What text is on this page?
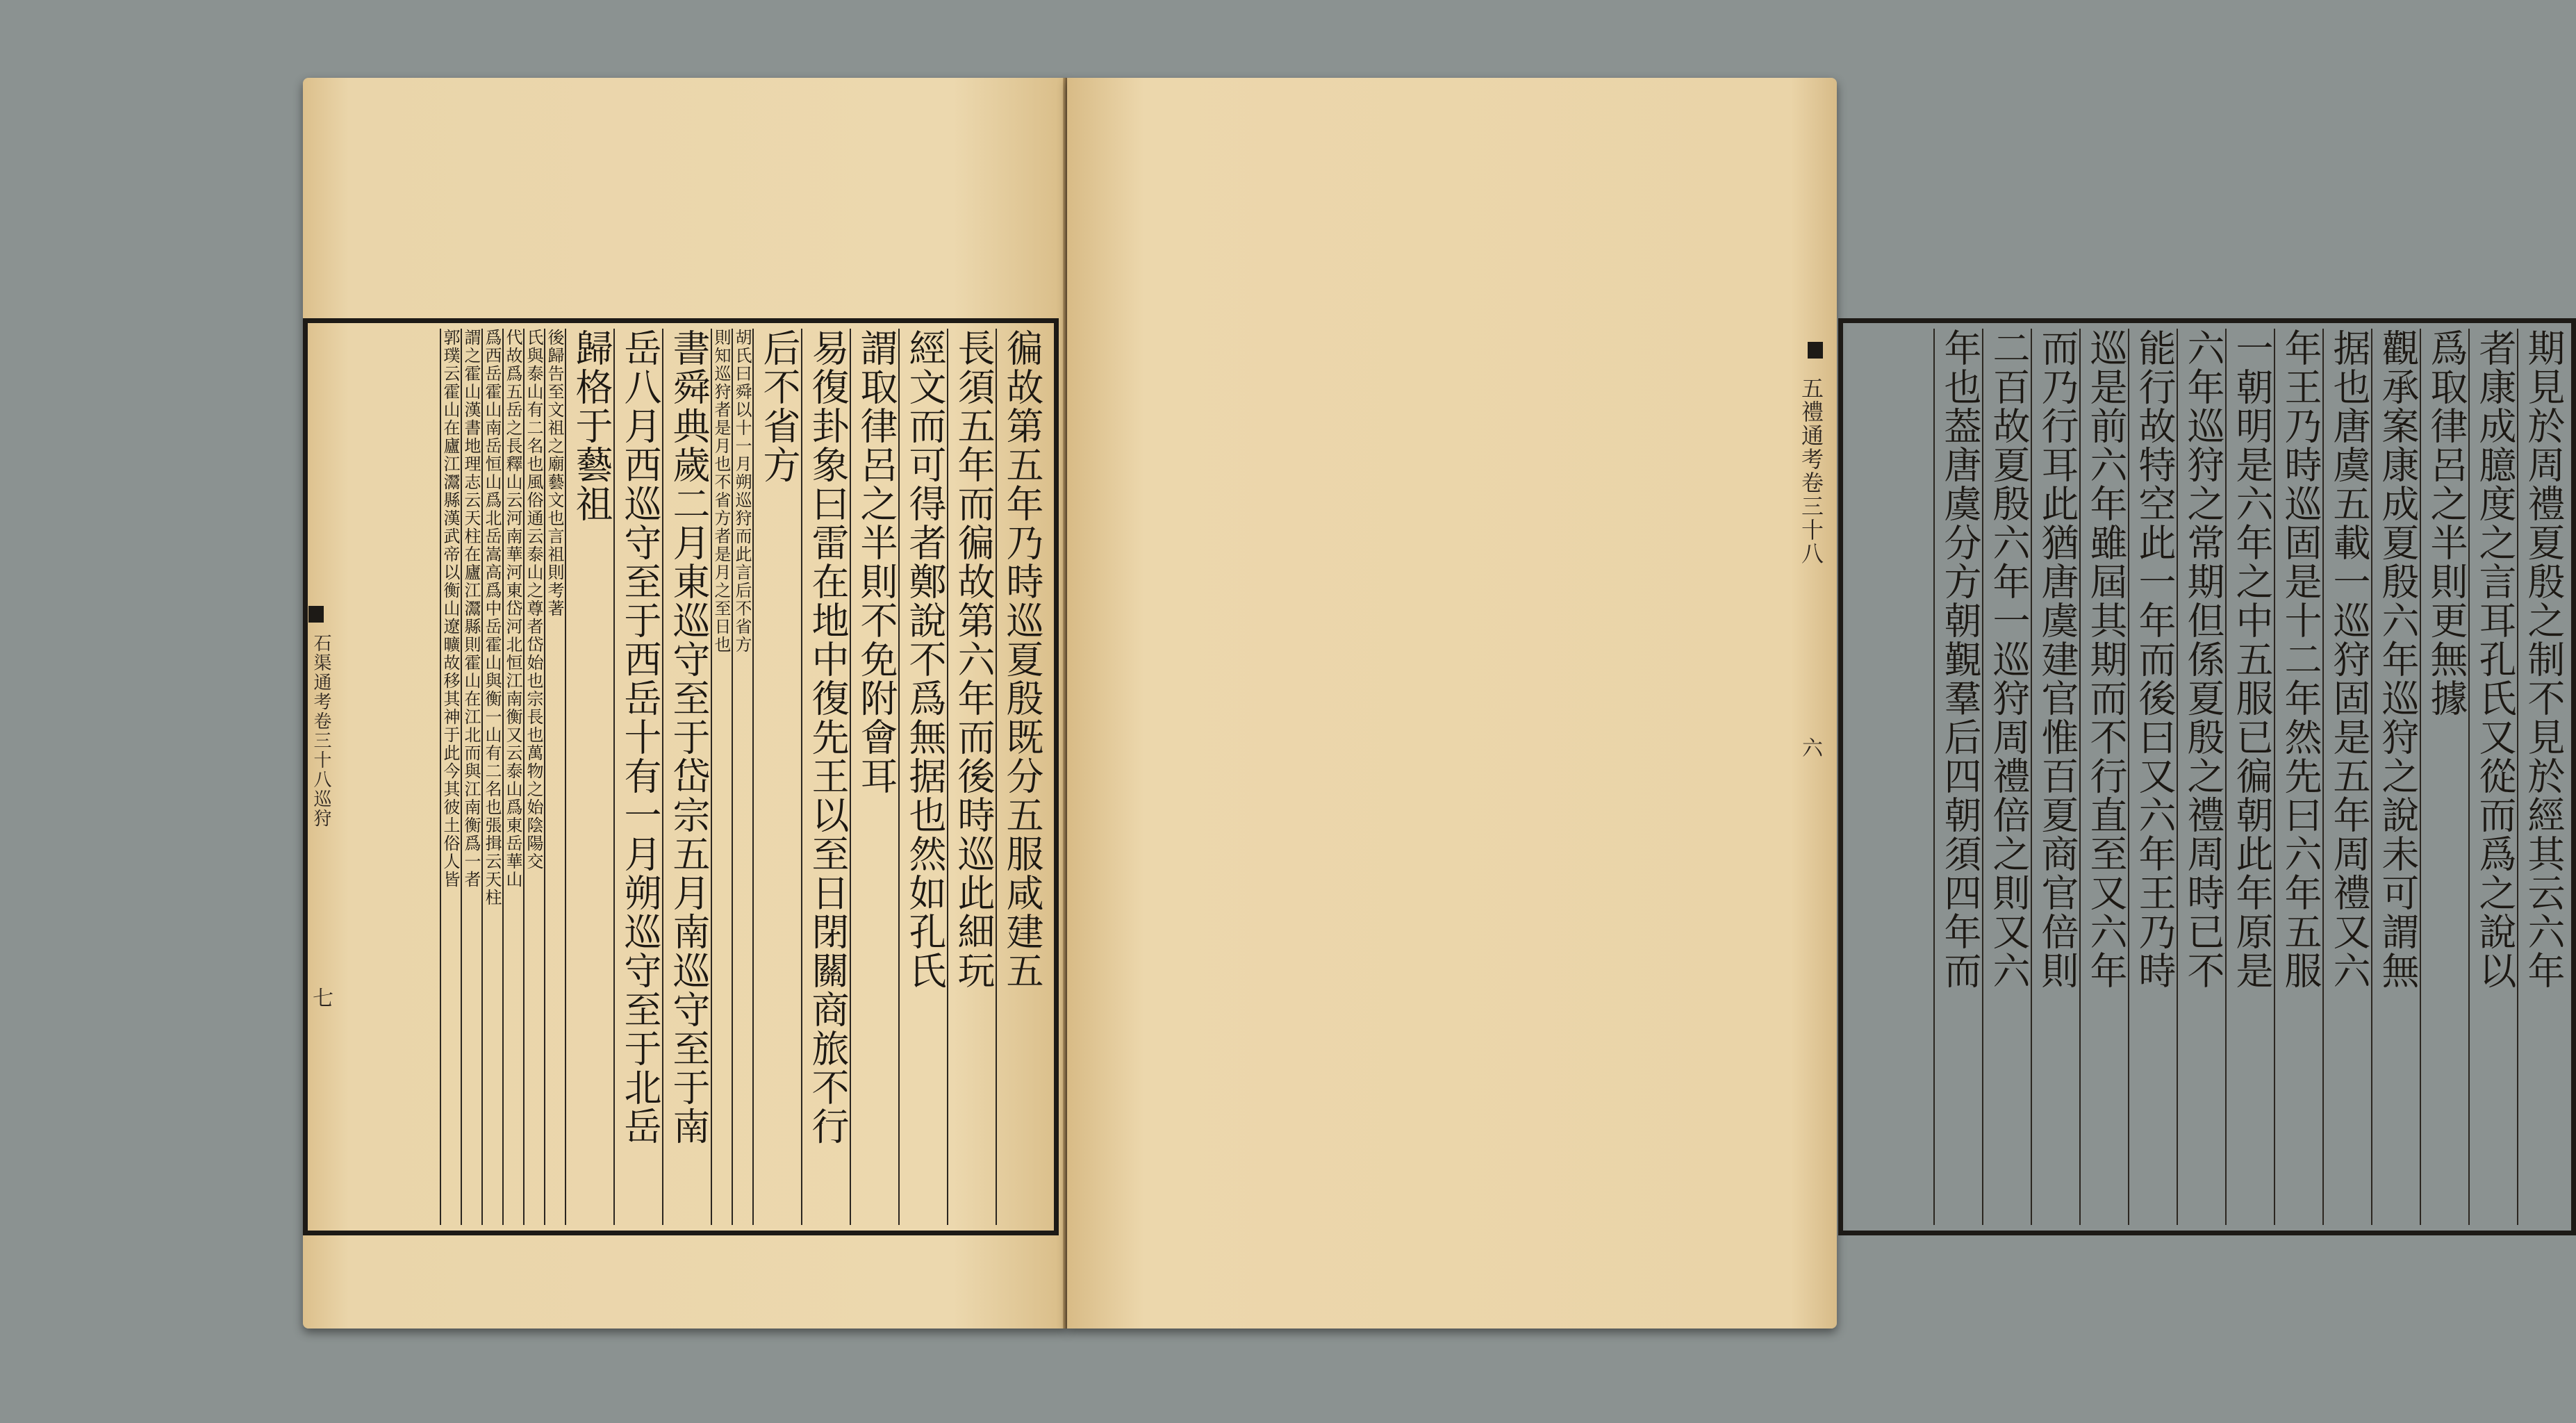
石渠通考卷三十八巡狩
七
徧故第五年乃時巡夏殷既分五服咸建五
長須五年而徧故第六年而後時巡此細玩
經文而可得者鄭說不爲無据也然如孔氏
謂取律呂之半則不免附會耳
易復卦象曰雷在地中復先王以至日閉關商旅不行
后不省方
胡氏曰舜以十一月朔巡狩而此言后不省方
則知巡狩者是月也不省方者是月之至日也
書舜典歲二月東巡守至于岱宗五月南巡守至于南
岳八月西巡守至于西岳十有一月朔巡守至于北岳
歸格于藝祖
後歸告至文祖之廟藝文也言祖則考著
氏與泰山有二名也風俗通云泰山之尊者岱始也宗長也萬物之始陰陽交
代故爲五岳之長釋山云河南華河東岱河北恒江南衡又云泰山爲東岳華山
爲西岳霍山南岳恒山爲北岳嵩高爲中岳霍山與衡一山有二名也張揖云天柱
謂之霍山漢書地理志云天柱在廬江灊縣則霍山在江北而與江南衡爲一者
郭璞云霍山在廬江灊縣漢武帝以衡山遼曠故移其神于此今其彼土俗人皆	五禮通考卷三十八
六	期見於周禮夏殷之制不見於經其云六年
者康成臆度之言耳孔氏又從而爲之說以
爲取律呂之半則更無據
觀承案康成夏殷六年巡狩之說未可謂無
据也唐虞五載一巡狩固是五年周禮又六
年王乃時巡固是十二年然先曰六年五服
一朝明是六年之中五服已徧朝此年原是
六年巡狩之常期但係夏殷之禮周時已不
能行故特空此一年而後曰又六年王乃時
巡是前六年雖屆其期而不行直至又六年
而乃行耳此猶唐虞建官惟百夏商官倍則
二百故夏殷六年一巡狩周禮倍之則又六
年也葢唐虞分方朝覲羣后四朝須四年而
